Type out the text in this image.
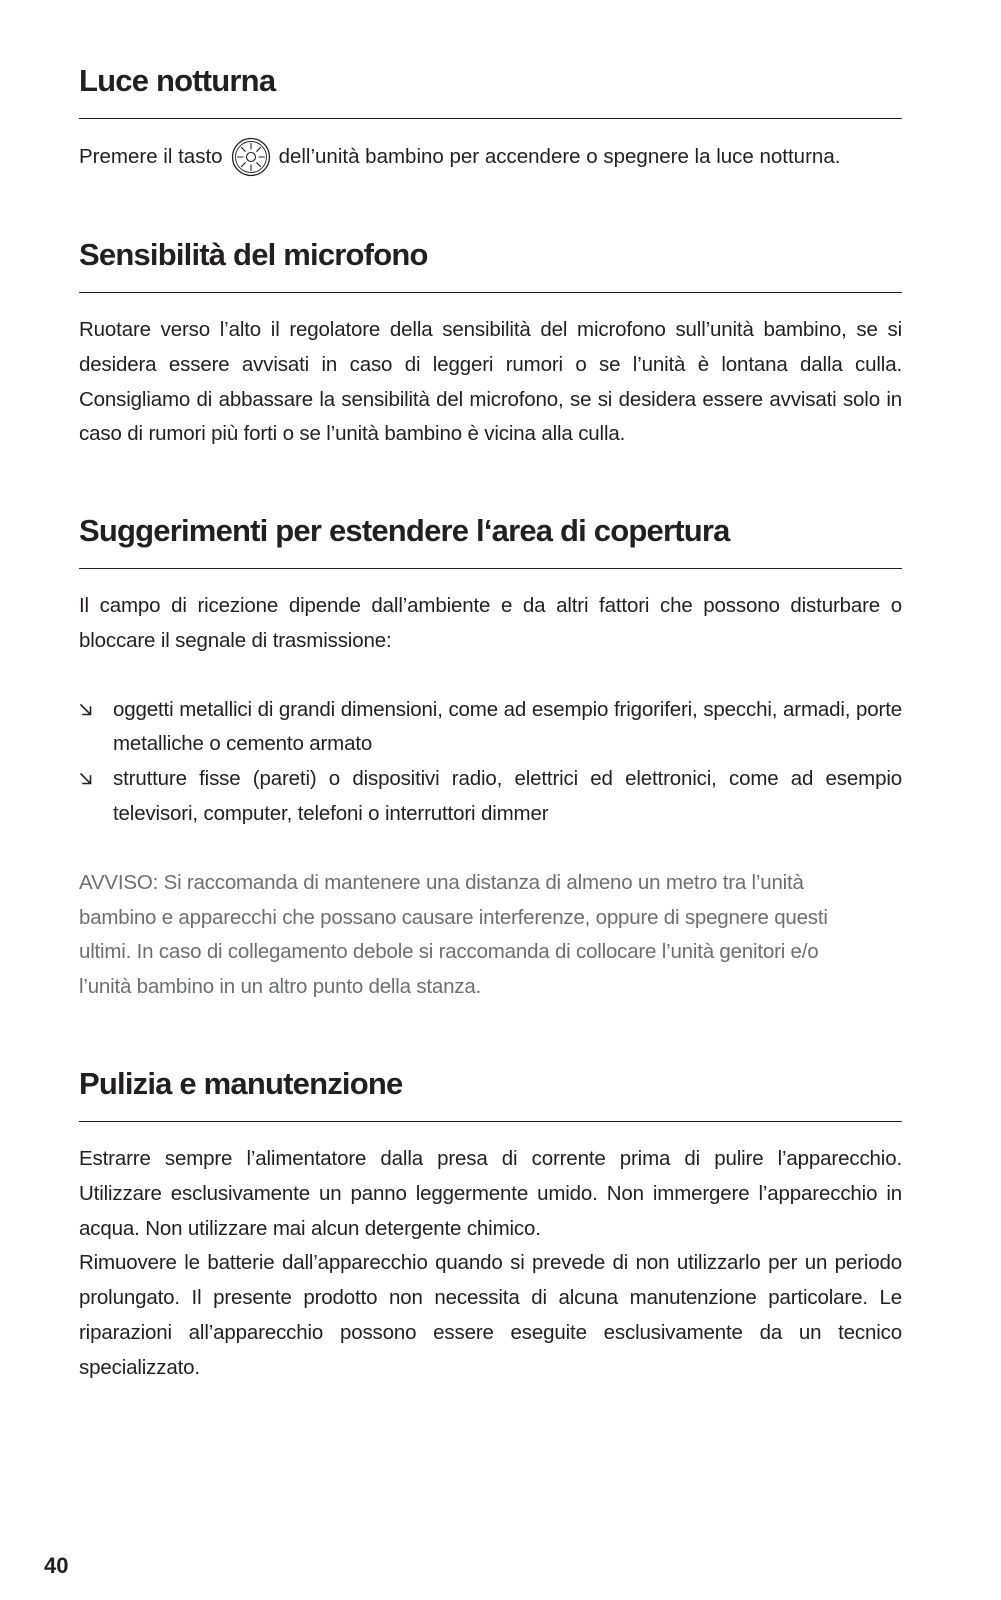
Luce notturna
Premere il tasto	dell’unità bambino per accendere o spegnere la luce notturna.
Sensibilità del microfono

Ruotare verso l’alto il regolatore della sensibilità del microfono sull’unità bambino, se si desidera essere avvisati in caso di leggeri rumori o se l’unità è lontana dalla culla. Consigliamo di abbassare la sensibilità del microfono, se si desidera essere avvisati solo in caso di rumori più forti o se l’unità bambino è vicina alla culla.

Suggerimenti per estendere l‘area di copertura

Il campo di ricezione dipende dall’ambiente e da altri fattori che possono disturbare o bloccare il segnale di trasmissione:

oggetti metallici di grandi dimensioni, come ad esempio frigoriferi, specchi, armadi, porte metalliche o cemento armato
strutture fisse (pareti) o dispositivi radio, elettrici ed elettronici, come ad esempio televisori, computer, telefoni o interruttori dimmer

AVVISO: Si raccomanda di mantenere una distanza di almeno un metro tra l’unità bambino e apparecchi che possano causare interferenze, oppure di spegnere questi ultimi. In caso di collegamento debole si raccomanda di collocare l’unità genitori e/o l’unità bambino in un altro punto della stanza.

Pulizia e manutenzione

Estrarre sempre l’alimentatore dalla presa di corrente prima di pulire l’apparecchio. Utilizzare esclusivamente un panno leggermente umido. Non immergere l’apparecchio in acqua. Non utilizzare mai alcun detergente chimico.

Rimuovere le batterie dall’apparecchio quando si prevede di non utilizzarlo per un periodo prolungato. Il presente prodotto non necessita di alcuna manutenzione particolare. Le riparazioni all’apparecchio possono essere eseguite esclusivamente da un tecnico specializzato.

40
